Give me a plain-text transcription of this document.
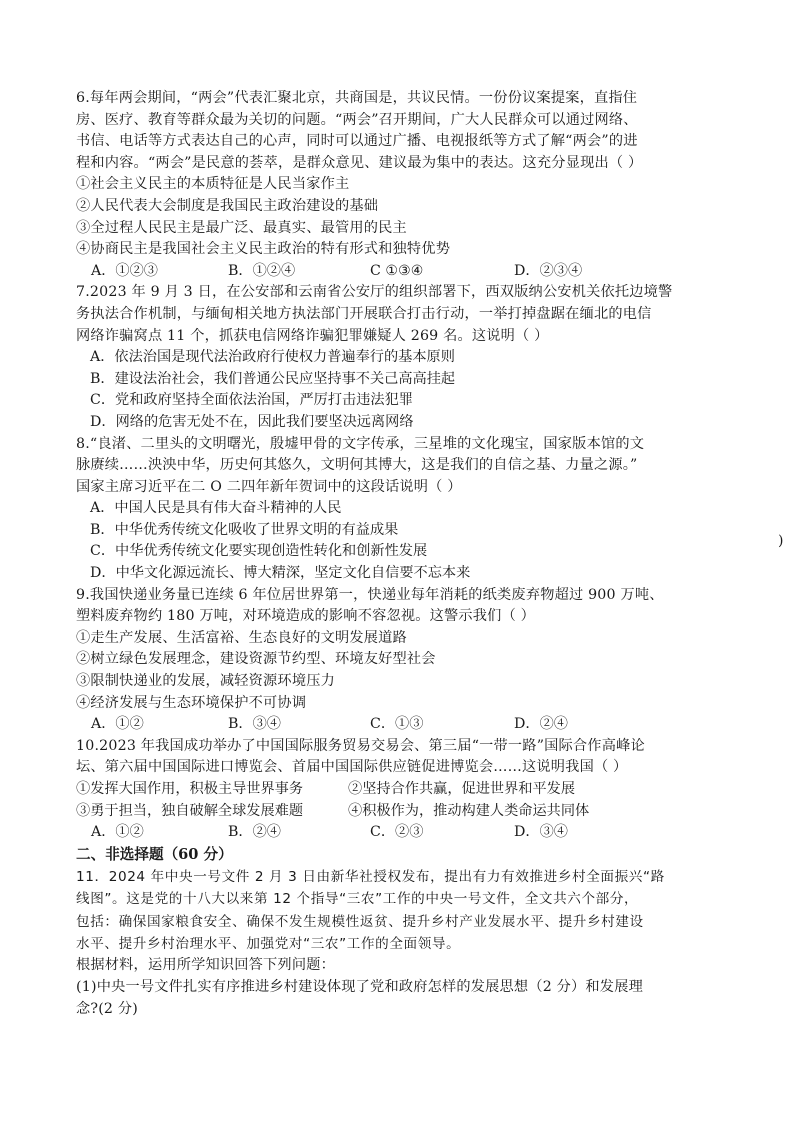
6.每年两会期间，“两会”代表汇聚北京，共商国是，共议民情。一份份议案提案，直指住
房、医疗、教育等群众最为关切的问题。“两会”召开期间，广大人民群众可以通过网络、
书信、电话等方式表达自己的心声，同时可以通过广播、电视报纸等方式了解“两会”的进
程和内容。“两会”是民意的荟萃，是群众意见、建议最为集中的表达。这充分显现出（ ）
①社会主义民主的本质特征是人民当家作主
②人民代表大会制度是我国民主政治建设的基础
③全过程人民民主是最广泛、最真实、最管用的民主
④协商民主是我国社会主义民主政治的特有形式和独特优势
A．①②③	B．①②④	C ①③④	D．②③④
7.2023 年 9 月 3 日，在公安部和云南省公安厅的组织部署下，西双版纳公安机关依托边境警
务执法合作机制，与缅甸相关地方执法部门开展联合打击行动，一举打掉盘踞在缅北的电信
网络诈骗窝点 11 个，抓获电信网络诈骗犯罪嫌疑人 269 名。这说明（ ）
A．依法治国是现代法治政府行使权力普遍奉行的基本原则
B．建设法治社会，我们普通公民应坚持事不关己高高挂起
C．党和政府坚持全面依法治国，严厉打击违法犯罪
D．网络的危害无处不在，因此我们要坚决远离网络
8.“良渚、二里头的文明曙光，殷墟甲骨的文字传承，三星堆的文化瑰宝，国家版本馆的文
脉赓续……泱泱中华，历史何其悠久，文明何其博大，这是我们的自信之基、力量之源。”
国家主席习近平在二 O 二四年新年贺词中的这段话说明（ ）
A．中国人民是具有伟大奋斗精神的人民
B．中华优秀传统文化吸收了世界文明的有益成果
C．中华优秀传统文化要实现创造性转化和创新性发展
D．中华文化源远流长、博大精深，坚定文化自信要不忘本来
9.我国快递业务量已连续 6 年位居世界第一，快递业每年消耗的纸类废弃物超过 900 万吨、
塑料废弃物约 180 万吨，对环境造成的影响不容忽视。这警示我们（ ）
①走生产发展、生活富裕、生态良好的文明发展道路
②树立绿色发展理念，建设资源节约型、环境友好型社会
③限制快递业的发展，减轻资源环境压力
④经济发展与生态环境保护不可协调
A．①②	B．③④	C．①③	D．②④
10.2023 年我国成功举办了中国国际服务贸易交易会、第三届“一带一路”国际合作高峰论
坛、第六届中国国际进口博览会、首届中国国际供应链促进博览会……这说明我国（ ）
①发挥大国作用，积极主导世界事务	②坚持合作共赢，促进世界和平发展
③勇于担当，独自破解全球发展难题	④积极作为，推动构建人类命运共同体
A．①②	B．②④	C．②③	D．③④
二、非选择题（60 分）
11．2024 年中央一号文件 2 月 3 日由新华社授权发布，提出有力有效推进乡村全面振兴“路
线图”。这是党的十八大以来第 12 个指导“三农”工作的中央一号文件，全文共六个部分，
包括：确保国家粮食安全、确保不发生规模性返贫、提升乡村产业发展水平、提升乡村建设
水平、提升乡村治理水平、加强党对“三农”工作的全面领导。
根据材料，运用所学知识回答下列问题：
(1)中央一号文件扎实有序推进乡村建设体现了党和政府怎样的发展思想（2 分）和发展理
念?(2 分)
)
